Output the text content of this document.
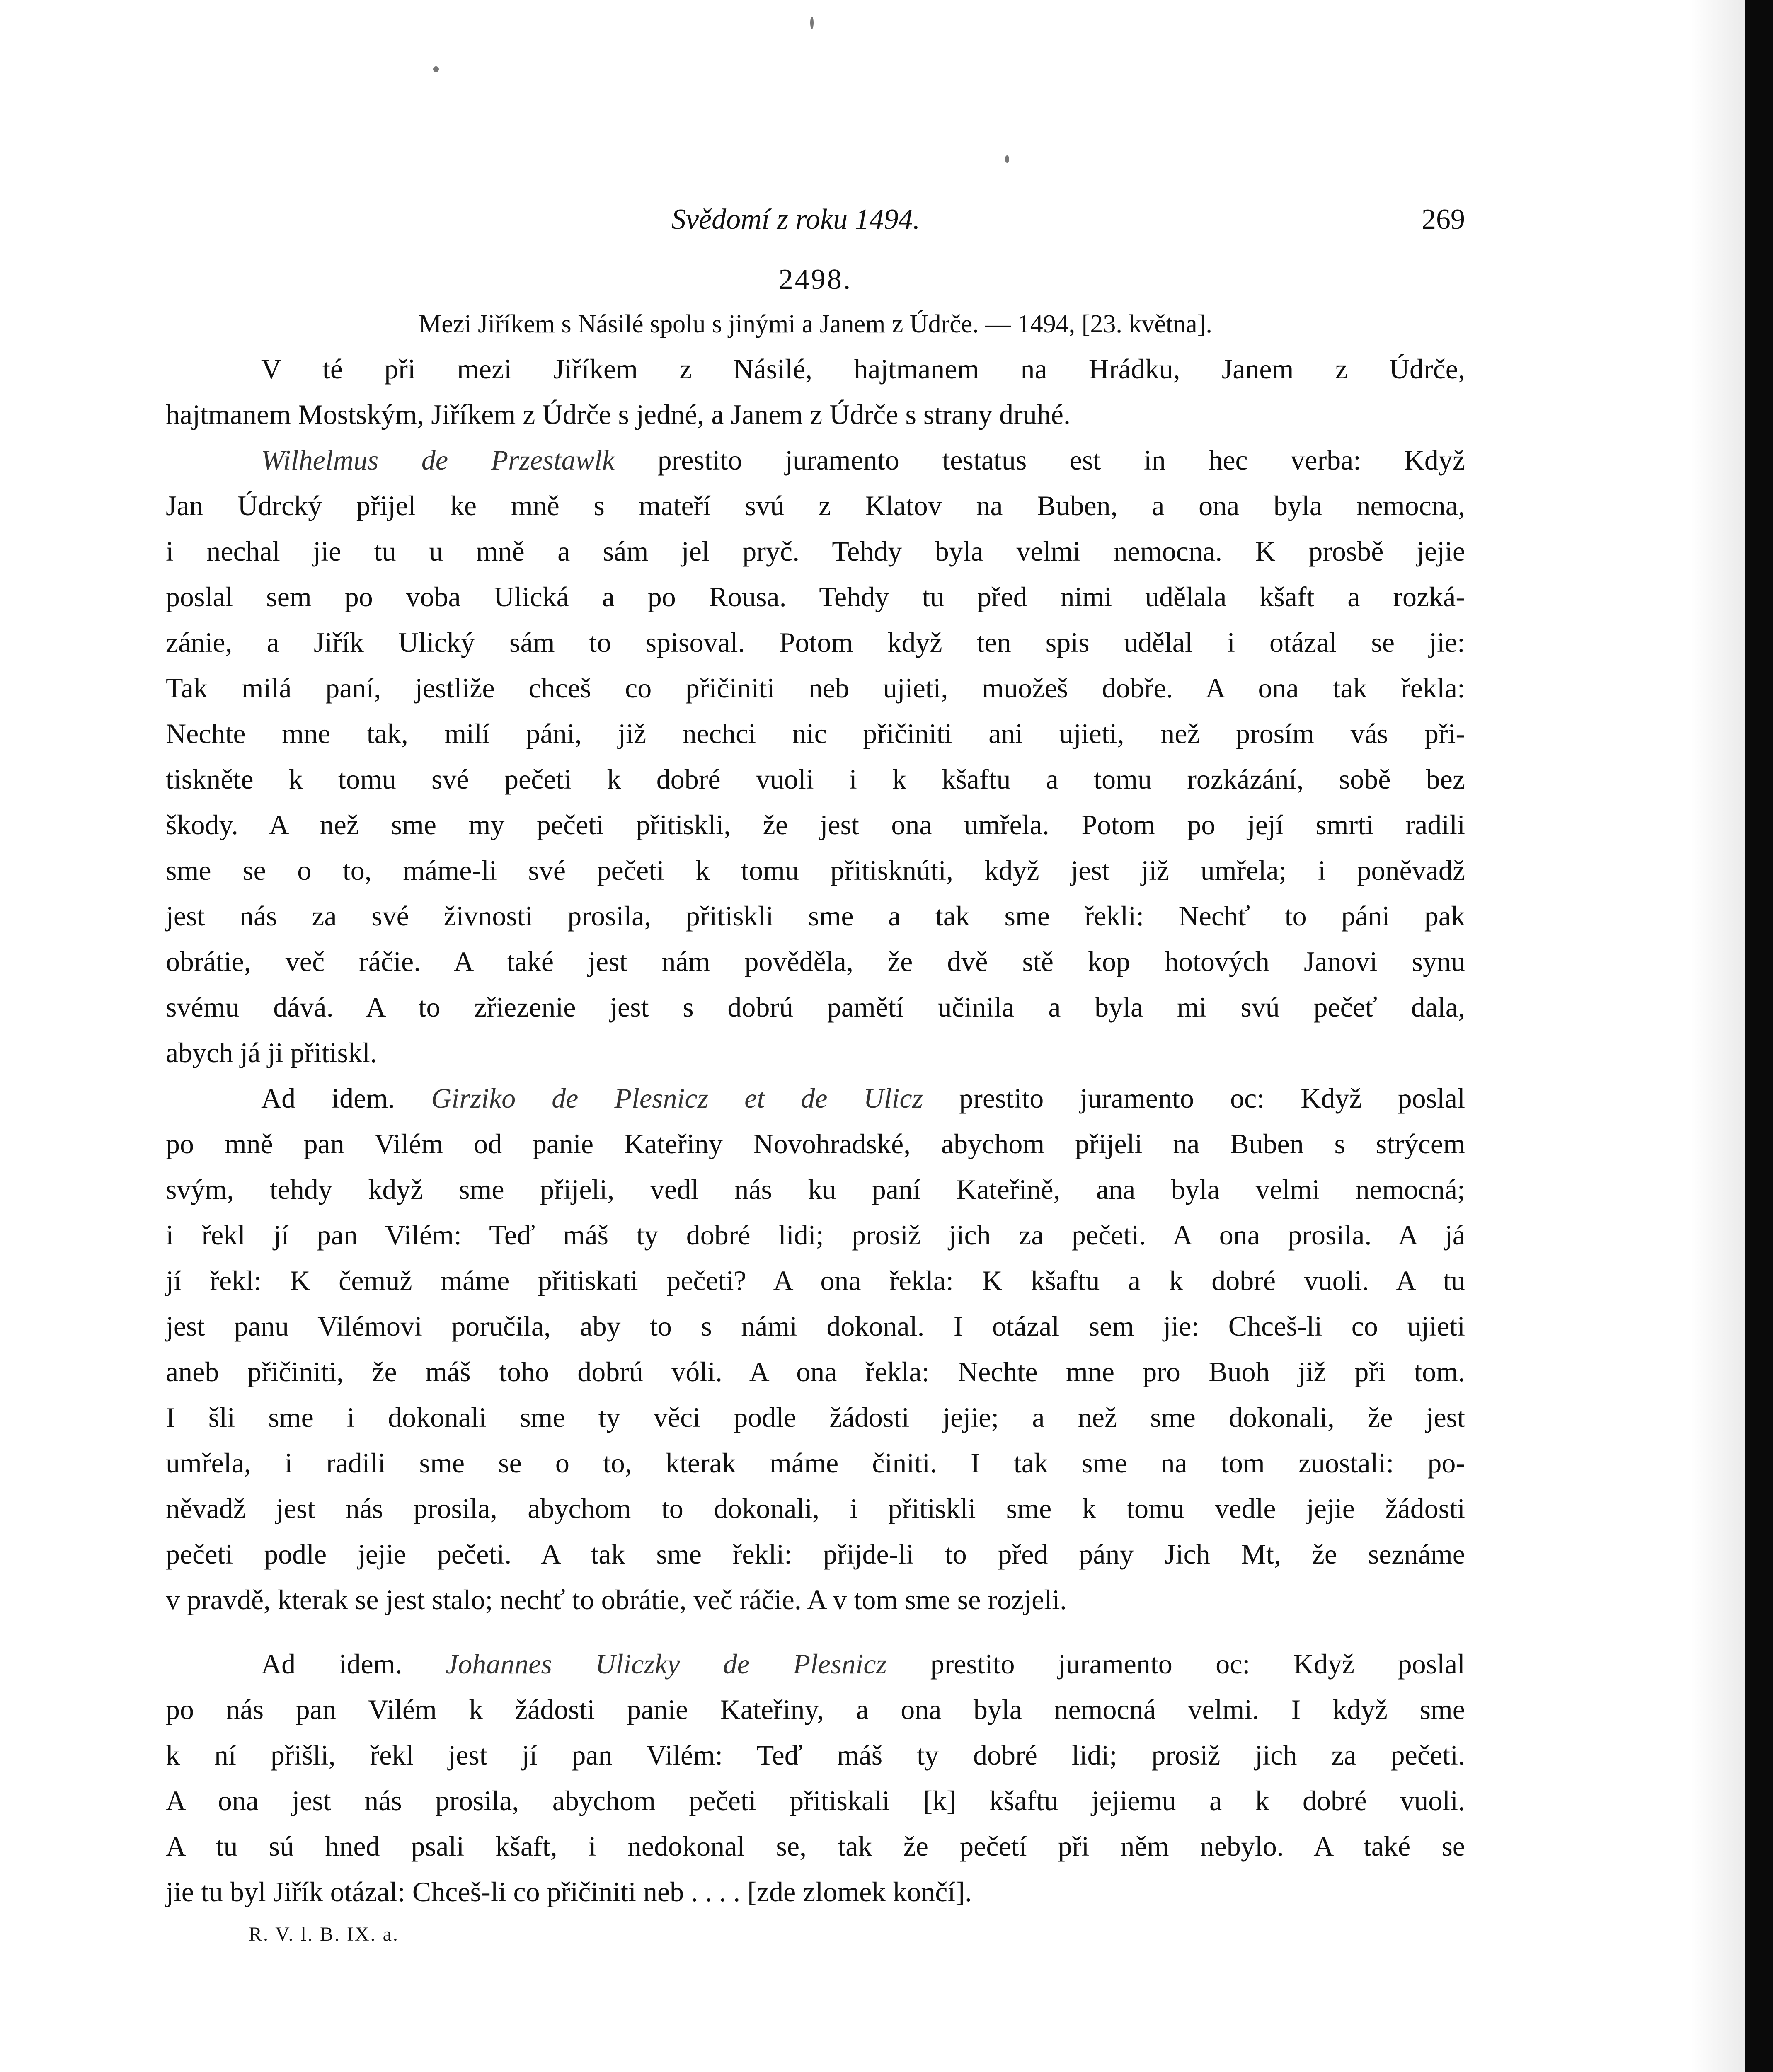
Svědomí z roku 1494.	269
2498.
Mezi Jiříkem s Násilé spolu s jinými a Janem z Údrče. — 1494, [23. května].
V té při mezi Jiříkem z Násilé, hajtmanem na Hrádku, Janem z Údrče,
hajtmanem Mostským, Jiříkem z Údrče s jedné, a Janem z Údrče s strany druhé.
Wilhelmus de Przestawlk prestito juramento testatus est in hec verba: Když
Jan Údrcký přijel ke mně s mateří svú z Klatov na Buben, a ona byla nemocna,
i nechal jie tu u mně a sám jel pryč. Tehdy byla velmi nemocna. K prosbě jejie
poslal sem po voba Ulická a po Rousa. Tehdy tu před nimi udělala kšaft a rozká-
zánie, a Jiřík Ulický sám to spisoval. Potom když ten spis udělal i otázal se jie:
Tak milá paní, jestliže chceš co přičiniti neb ujieti, muožeš dobře. A ona tak řekla:
Nechte mne tak, milí páni, již nechci nic přičiniti ani ujieti, než prosím vás při-
tiskněte k tomu své pečeti k dobré vuoli i k kšaftu a tomu rozkázání, sobě bez
škody. A než sme my pečeti přitiskli, že jest ona umřela. Potom po její smrti radili
sme se o to, máme-li své pečeti k tomu přitisknúti, když jest již umřela; i poněvadž
jest nás za své živnosti prosila, přitiskli sme a tak sme řekli: Nechť to páni pak
obrátie, več ráčie. A také jest nám pověděla, že dvě stě kop hotových Janovi synu
svému dává. A to zřiezenie jest s dobrú pamětí učinila a byla mi svú pečeť dala,
abych já ji přitiskl.
Ad idem. Girziko de Plesnicz et de Ulicz prestito juramento oc: Když poslal
po mně pan Vilém od panie Kateřiny Novohradské, abychom přijeli na Buben s strýcem
svým, tehdy když sme přijeli, vedl nás ku paní Kateřině, ana byla velmi nemocná;
i řekl jí pan Vilém: Teď máš ty dobré lidi; prosiž jich za pečeti. A ona prosila. A já
jí řekl: K čemuž máme přitiskati pečeti? A ona řekla: K kšaftu a k dobré vuoli. A tu
jest panu Vilémovi poručila, aby to s námi dokonal. I otázal sem jie: Chceš-li co ujieti
aneb přičiniti, že máš toho dobrú vóli. A ona řekla: Nechte mne pro Buoh již při tom.
I šli sme i dokonali sme ty věci podle žádosti jejie; a než sme dokonali, že jest
umřela, i radili sme se o to, kterak máme činiti. I tak sme na tom zuostali: po-
něvadž jest nás prosila, abychom to dokonali, i přitiskli sme k tomu vedle jejie žádosti
pečeti podle jejie pečeti. A tak sme řekli: přijde-li to před pány Jich Mt, že seznáme
v pravdě, kterak se jest stalo; nechť to obrátie, več ráčie. A v tom sme se rozjeli.
Ad idem. Johannes Uliczky de Plesnicz prestito juramento oc: Když poslal
po nás pan Vilém k žádosti panie Kateřiny, a ona byla nemocná velmi. I když sme
k ní přišli, řekl jest jí pan Vilém: Teď máš ty dobré lidi; prosiž jich za pečeti.
A ona jest nás prosila, abychom pečeti přitiskali [k] kšaftu jejiemu a k dobré vuoli.
A tu sú hned psali kšaft, i nedokonal se, tak že pečetí při něm nebylo. A také se
jie tu byl Jiřík otázal: Chceš-li co přičiniti neb . . . . [zde zlomek končí].
R. V. l. B. IX. a.
